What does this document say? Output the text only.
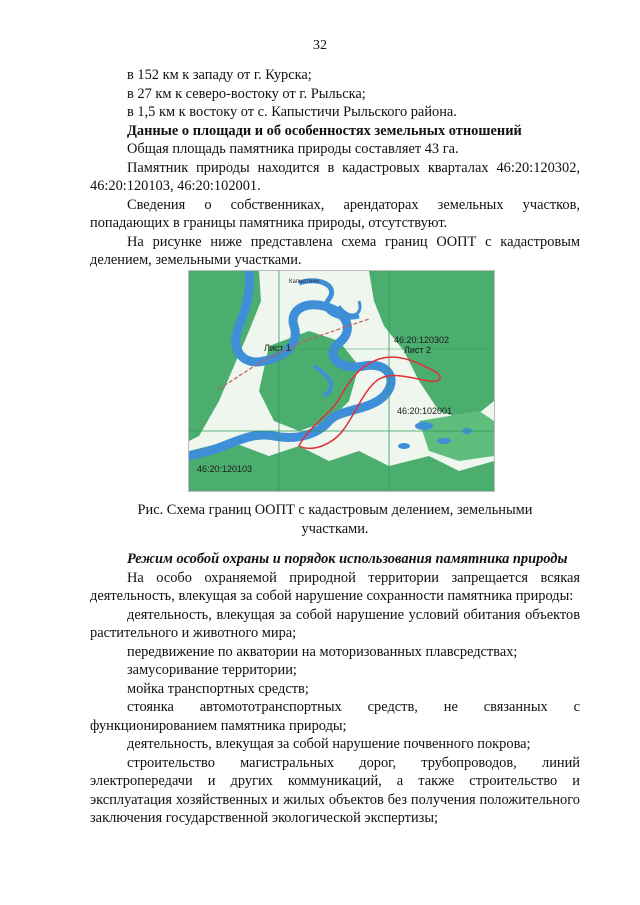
32

в 152 км к западу от г. Курска;

в 27 км к северо-востоку от г. Рыльска;

в 1,5 км к востоку от с. Капыстичи Рыльского района.

Данные о площади и об особенностях земельных отношений

Общая площадь памятника природы составляет 43 га.

Памятник природы находится в кадастровых кварталах 46:20:120302, 46:20:120103, 46:20:102001.

Сведения о собственниках, арендаторах земельных участков, попадающих в границы памятника природы, отсутствуют.

На рисунке ниже представлена схема границ ООПТ с кадастровым делением, земельными участками.

Капыстичи
Лист 1	Лист 2
46:20:120302
46:20:102001
46:20:120103
Рис. Схема границ ООПТ с кадастровым делением, земельными участками.

Режим особой охраны и порядок использования памятника природы

На особо охраняемой природной территории запрещается всякая деятельность, влекущая за собой нарушение сохранности памятника природы:

деятельность, влекущая за собой нарушение условий обитания объектов растительного и животного мира;

передвижение по акватории на моторизованных плавсредствах;

замусоривание территории;

мойка транспортных средств;

стоянка автомототранспортных средств, не связанных с функционированием памятника природы;

деятельность, влекущая за собой нарушение почвенного покрова;

строительство магистральных дорог, трубопроводов, линий электропередачи и других коммуникаций, а также строительство и эксплуатация хозяйственных и жилых объектов без получения положительного заключения государственной экологической экспертизы;
